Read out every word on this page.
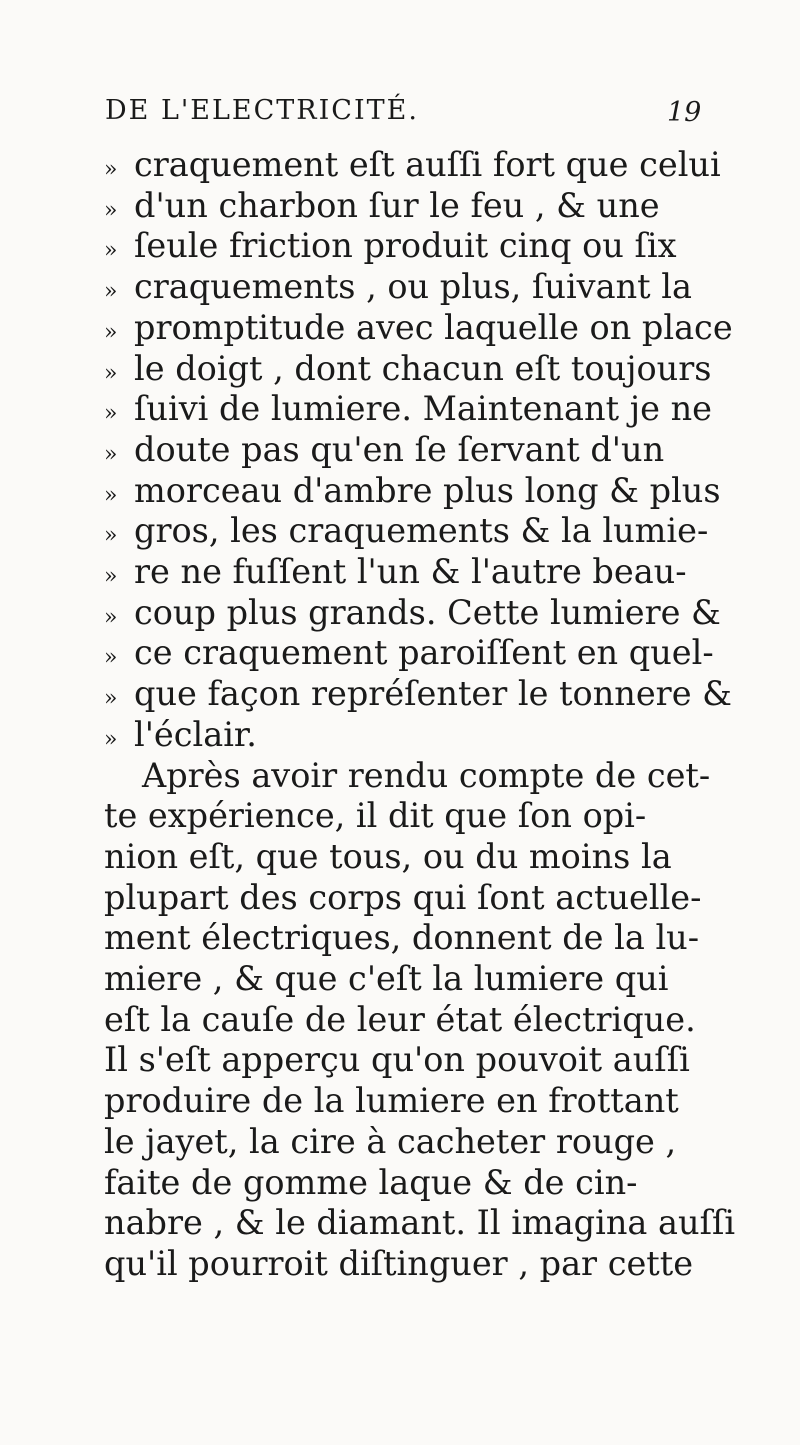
DE L'ELECTRICITÉ.	19
» craquement eſt auſſi fort que celui
» d'un charbon ſur le feu , & une
» ſeule friction produit cinq ou ſix
» craquements , ou plus, ſuivant la
» promptitude avec laquelle on place
» le doigt , dont chacun eſt toujours
» ſuivi de lumiere. Maintenant je ne
» doute pas qu'en ſe ſervant d'un
» morceau d'ambre plus long & plus
» gros, les craquements & la lumie-
» re ne fuſſent l'un & l'autre beau-
» coup plus grands. Cette lumiere &
» ce craquement paroiſſent en quel-
» que façon repréſenter le tonnere &
» l'éclair.
Après avoir rendu compte de cet-
te expérience, il dit que ſon opi-
nion eſt, que tous, ou du moins la
plupart des corps qui ſont actuelle-
ment électriques, donnent de la lu-
miere , & que c'eſt la lumiere qui
eſt la cauſe de leur état électrique.
Il s'eſt apperçu qu'on pouvoit auſſi
produire de la lumiere en frottant
le jayet, la cire à cacheter rouge ,
faite de gomme laque & de cin-
nabre , & le diamant. Il imagina auſſi
qu'il pourroit diſtinguer , par cette
